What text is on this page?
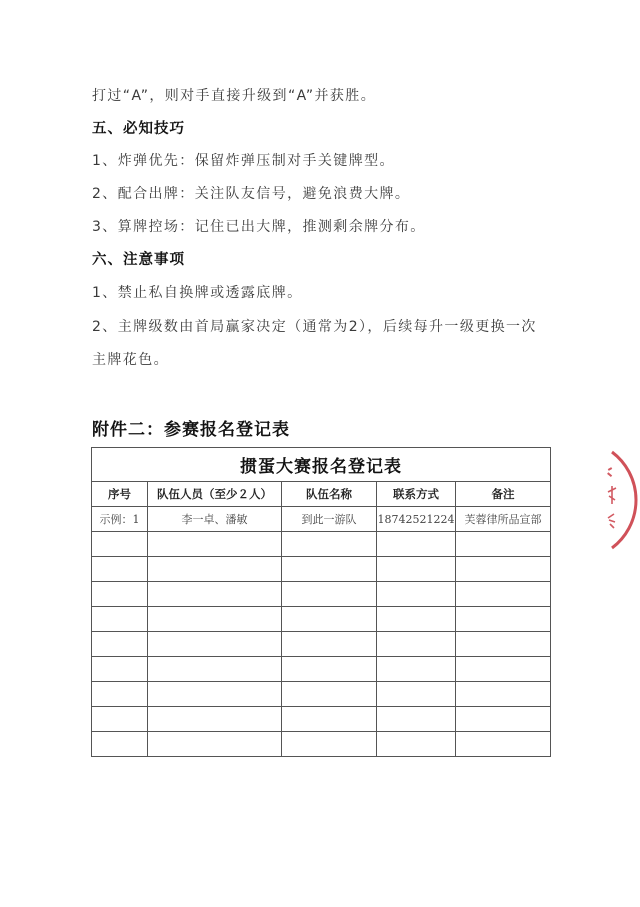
打过“A”，则对手直接升级到“A”并获胜。
五、必知技巧
1、炸弹优先：保留炸弹压制对手关键牌型。
2、配合出牌：关注队友信号，避免浪费大牌。
3、算牌控场：记住已出大牌，推测剩余牌分布。
六、注意事项
1、禁止私自换牌或透露底牌。
2、主牌级数由首局赢家决定（通常为2），后续每升一级更换一次
主牌花色。
附件二：参赛报名登记表
掼蛋大赛报名登记表				
序号	队伍人员（至少２人）	队伍名称	联系方式	备注
示例：1	李一卓、潘敏	到此一游队	18742521224	芙蓉律所品宣部
